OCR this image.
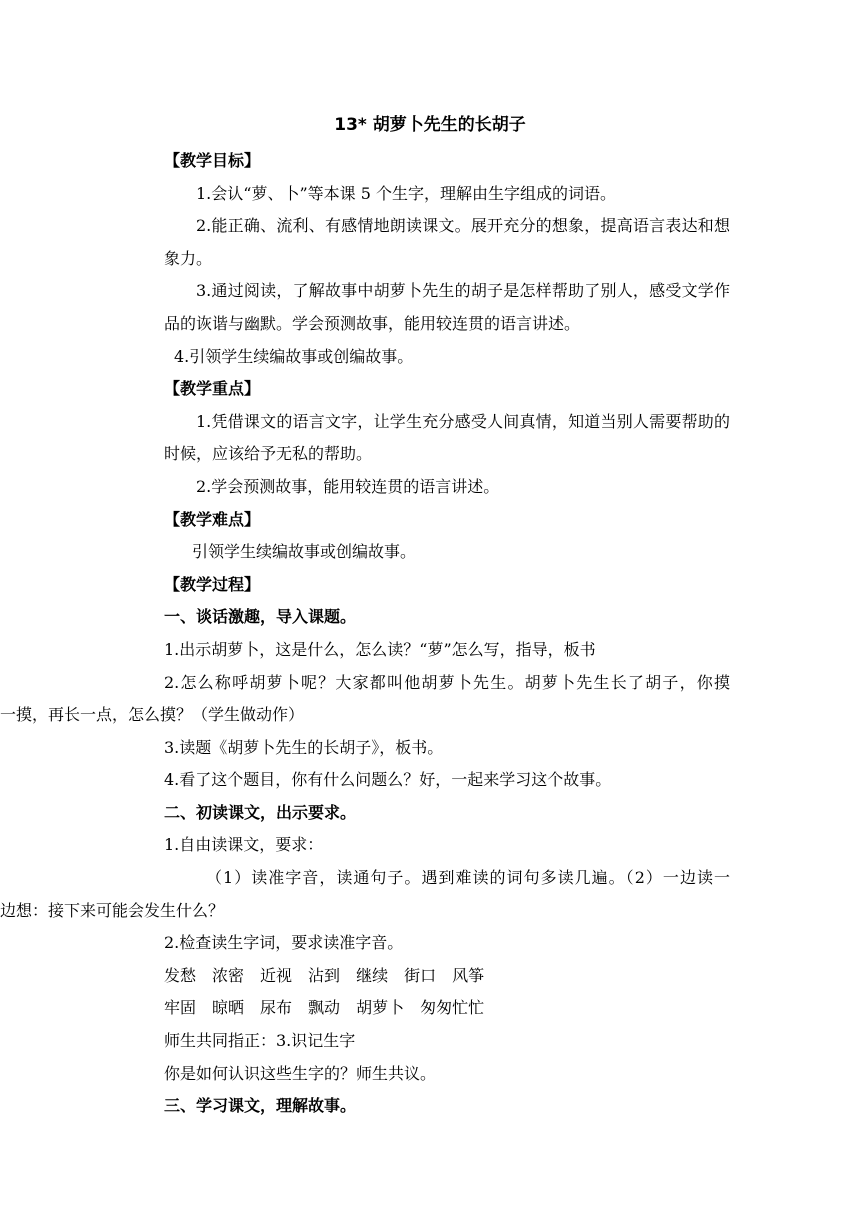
13* 胡萝卜先生的长胡子
【教学目标】
1.会认“萝、卜”等本课 5 个生字，理解由生字组成的词语。
2.能正确、流利、有感情地朗读课文。展开充分的想象，提高语言表达和想
象力。
3.通过阅读，了解故事中胡萝卜先生的胡子是怎样帮助了别人，感受文学作
品的诙谐与幽默。学会预测故事，能用较连贯的语言讲述。
4.引领学生续编故事或创编故事。
【教学重点】
1.凭借课文的语言文字，让学生充分感受人间真情，知道当别人需要帮助的
时候，应该给予无私的帮助。
2.学会预测故事，能用较连贯的语言讲述。
【教学难点】
引领学生续编故事或创编故事。
【教学过程】
一、谈话激趣，导入课题。
1.出示胡萝卜，这是什么，怎么读？“萝”怎么写，指导，板书
2.怎么称呼胡萝卜呢？大家都叫他胡萝卜先生。胡萝卜先生长了胡子，你摸
一摸，再长一点，怎么摸？（学生做动作）
3.读题《胡萝卜先生的长胡子》，板书。
4.看了这个题目，你有什么问题么？好，一起来学习这个故事。
二、初读课文，出示要求。
1.自由读课文，要求：
（1）读准字音，读通句子。遇到难读的词句多读几遍。（2）一边读一
边想：接下来可能会发生什么？
2.检查读生字词，要求读准字音。
发愁 浓密 近视 沾到 继续 街口 风筝
牢固 晾晒 尿布 飘动 胡萝卜 匆匆忙忙
师生共同指正：3.识记生字
你是如何认识这些生字的？师生共议。
三、学习课文，理解故事。
